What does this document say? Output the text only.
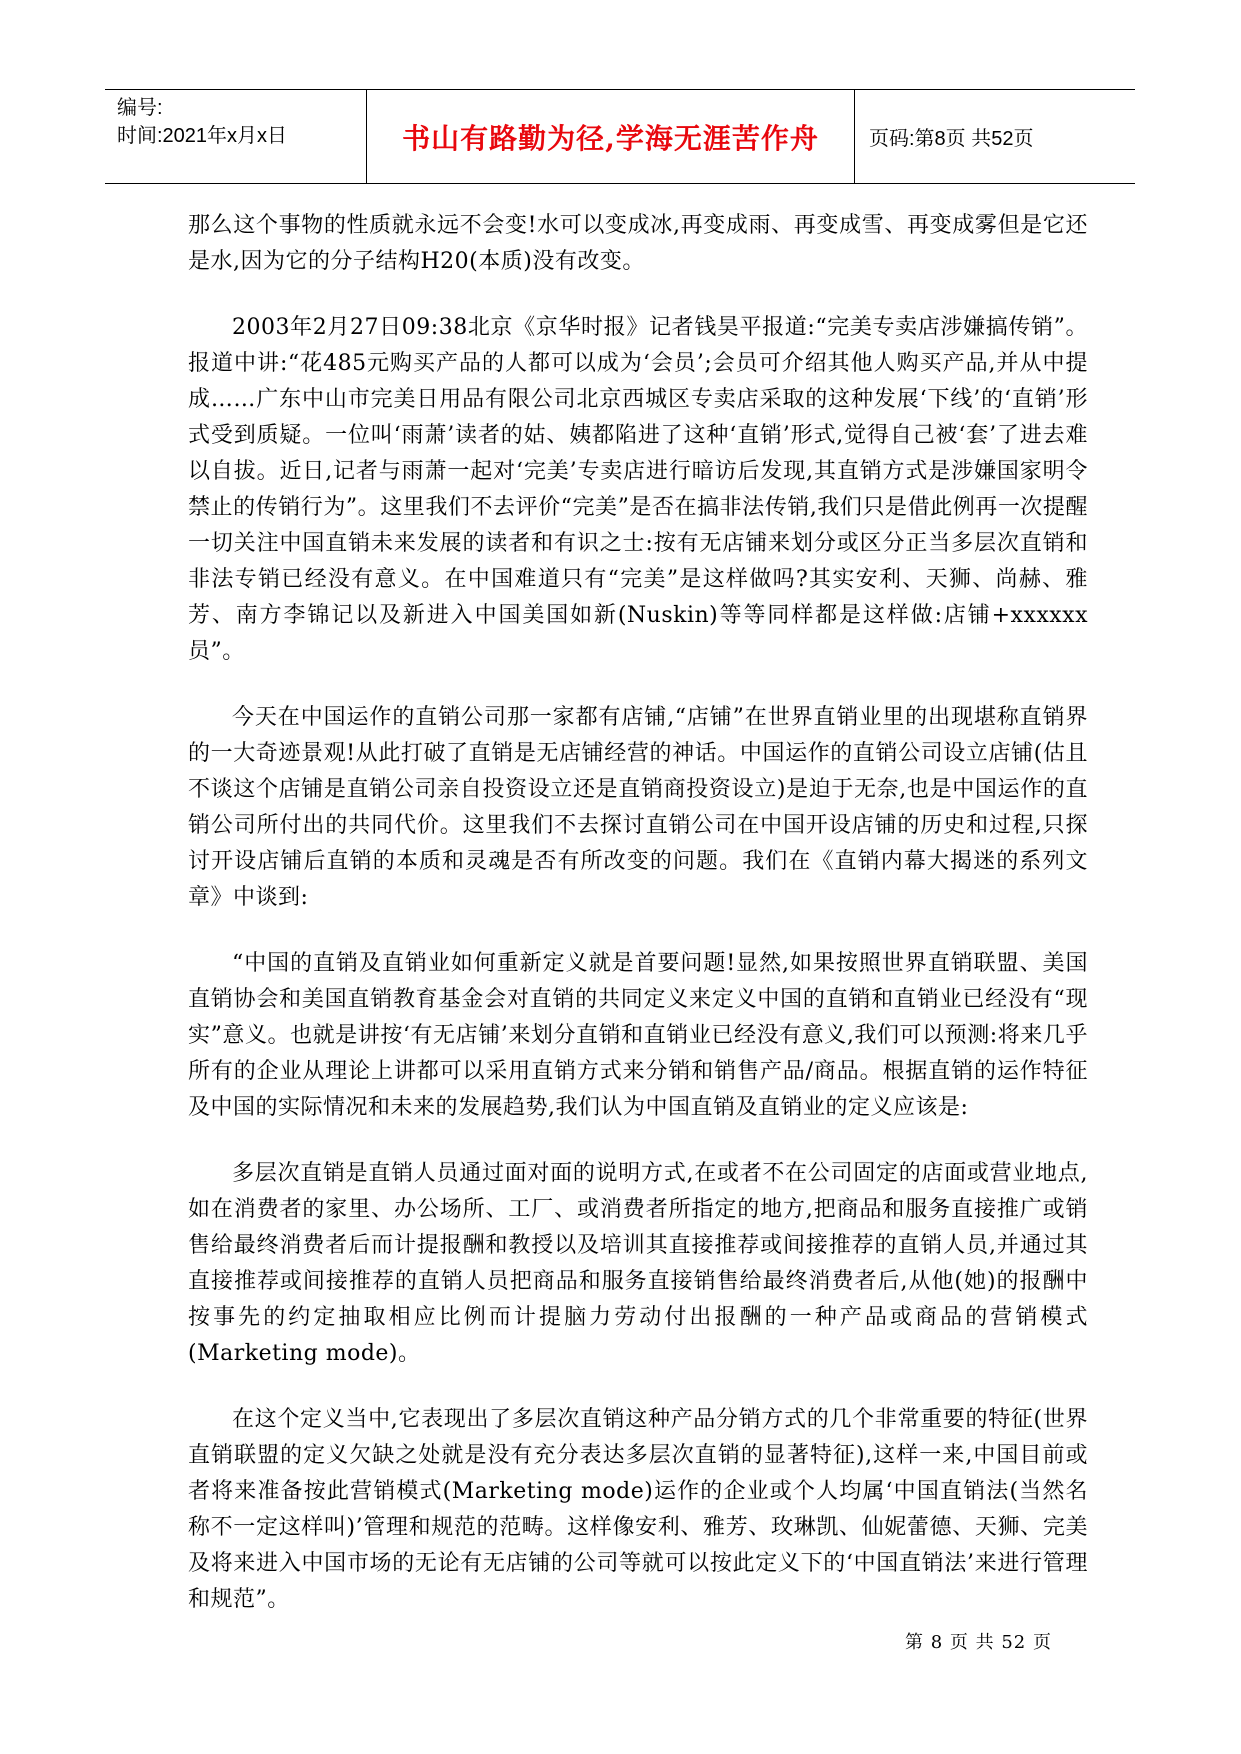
编号:
时间:2021年x月x日	书山有路勤为径,学海无涯苦作舟	页码:第8页 共52页

那么这个事物的性质就永远不会变!水可以变成冰,再变成雨、再变成雪、再变成雾但是它还是水,因为它的分子结构H20(本质)没有改变。

2003年2月27日09:38北京《京华时报》记者钱昊平报道:“完美专卖店涉嫌搞传销”。报道中讲:“花485元购买产品的人都可以成为‘会员’;会员可介绍其他人购买产品,并从中提成……广东中山市完美日用品有限公司北京西城区专卖店采取的这种发展‘下线’的‘直销’形式受到质疑。一位叫‘雨萧’读者的姑、姨都陷进了这种‘直销’形式,觉得自己被‘套’了进去难以自拔。近日,记者与雨萧一起对‘完美’专卖店进行暗访后发现,其直销方式是涉嫌国家明令禁止的传销行为”。这里我们不去评价“完美”是否在搞非法传销,我们只是借此例再一次提醒一切关注中国直销未来发展的读者和有识之士:按有无店铺来划分或区分正当多层次直销和非法专销已经没有意义。在中国难道只有“完美”是这样做吗?其实安利、天狮、尚赫、雅芳、南方李锦记以及新进入中国美国如新(Nuskin)等等同样都是这样做:店铺+xxxxxx员”。

今天在中国运作的直销公司那一家都有店铺,“店铺”在世界直销业里的出现堪称直销界的一大奇迹景观!从此打破了直销是无店铺经营的神话。中国运作的直销公司设立店铺(估且不谈这个店铺是直销公司亲自投资设立还是直销商投资设立)是迫于无奈,也是中国运作的直销公司所付出的共同代价。这里我们不去探讨直销公司在中国开设店铺的历史和过程,只探讨开设店铺后直销的本质和灵魂是否有所改变的问题。我们在《直销内幕大揭迷的系列文章》中谈到:

“中国的直销及直销业如何重新定义就是首要问题!显然,如果按照世界直销联盟、美国直销协会和美国直销教育基金会对直销的共同定义来定义中国的直销和直销业已经没有“现实”意义。也就是讲按‘有无店铺’来划分直销和直销业已经没有意义,我们可以预测:将来几乎所有的企业从理论上讲都可以采用直销方式来分销和销售产品/商品。根据直销的运作特征及中国的实际情况和未来的发展趋势,我们认为中国直销及直销业的定义应该是:

多层次直销是直销人员通过面对面的说明方式,在或者不在公司固定的店面或营业地点,如在消费者的家里、办公场所、工厂、或消费者所指定的地方,把商品和服务直接推广或销售给最终消费者后而计提报酬和教授以及培训其直接推荐或间接推荐的直销人员,并通过其直接推荐或间接推荐的直销人员把商品和服务直接销售给最终消费者后,从他(她)的报酬中按事先的约定抽取相应比例而计提脑力劳动付出报酬的一种产品或商品的营销模式(Marketing mode)。

在这个定义当中,它表现出了多层次直销这种产品分销方式的几个非常重要的特征(世界直销联盟的定义欠缺之处就是没有充分表达多层次直销的显著特征),这样一来,中国目前或者将来准备按此营销模式(Marketing mode)运作的企业或个人均属‘中国直销法(当然名称不一定这样叫)’管理和规范的范畴。这样像安利、雅芳、玫琳凯、仙妮蕾德、天狮、完美及将来进入中国市场的无论有无店铺的公司等就可以按此定义下的‘中国直销法’来进行管理和规范”。

第 8 页 共 52 页
